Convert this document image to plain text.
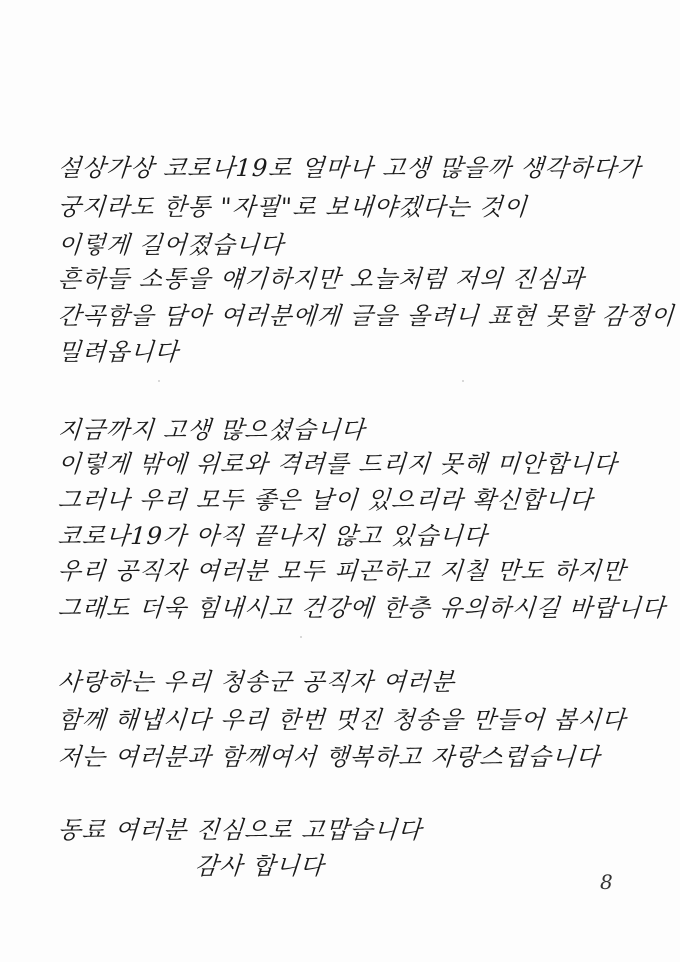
설상가상 코로나19로 얼마나 고생 많을까 생각하다가
궁지라도 한통 "자필"로 보내야겠다는 것이
이렇게 길어졌습니다
흔하들 소통을 얘기하지만 오늘처럼 저의 진심과
간곡함을 담아 여러분에게 글을 올려니 표현 못할 감정이
밀려옵니다
지금까지 고생 많으셨습니다
이렇게 밖에 위로와 격려를 드리지 못해 미안합니다
그러나 우리 모두 좋은 날이 있으리라 확신합니다
코로나19가 아직 끝나지 않고 있습니다
우리 공직자 여러분 모두 피곤하고 지칠 만도 하지만
그래도 더욱 힘내시고 건강에 한층 유의하시길 바랍니다
사랑하는 우리 청송군 공직자 여러분
함께 해냅시다 우리 한번 멋진 청송을 만들어 봅시다
저는 여러분과 함께여서 행복하고 자랑스럽습니다
동료 여러분 진심으로 고맙습니다
감사 합니다
8
